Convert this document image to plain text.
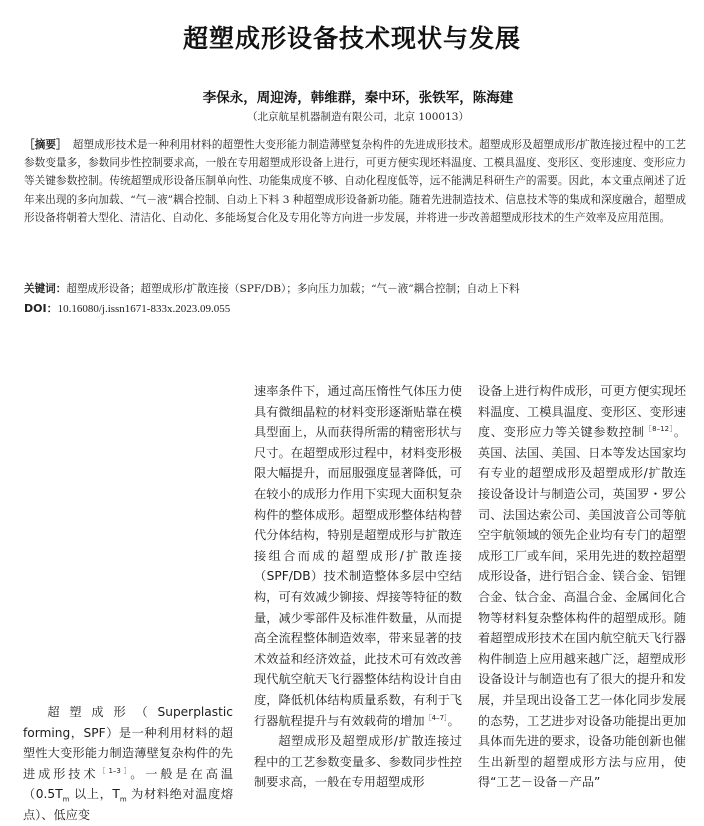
超塑成形设备技术现状与发展
李保永，周迎涛，韩维群，秦中环，张铁军，陈海建
（北京航星机器制造有限公司，北京 100013）
［摘要］ 超塑成形技术是一种利用材料的超塑性大变形能力制造薄壁复杂构件的先进成形技术。超塑成形及超塑成形/扩散连接过程中的工艺参数变量多，参数同步性控制要求高，一般在专用超塑成形设备上进行，可更方便实现坯料温度、工模具温度、变形区、变形速度、变形应力等关键参数控制。传统超塑成形设备压制单向性、功能集成度不够、自动化程度低等，远不能满足科研生产的需要。因此，本文重点阐述了近年来出现的多向加载、“气－液”耦合控制、自动上下料 3 种超塑成形设备新功能。随着先进制造技术、信息技术等的集成和深度融合，超塑成形设备将朝着大型化、清洁化、自动化、多能场复合化及专用化等方向进一步发展，并将进一步改善超塑成形技术的生产效率及应用范围。
关键词：超塑成形设备；超塑成形/扩散连接（SPF/DB）；多向压力加载；“气－液”耦合控制；自动上下料
DOI：10.16080/j.issn1671-833x.2023.09.055

超塑成形（Superplastic forming，SPF）是一种利用材料的超塑性大变形能力制造薄壁复杂构件的先进成形技术$^{[1-3]}$。一般是在高温（$0.5T_m$ 以上，$T_m$ 为材料绝对温度熔点）、低应变

速率条件下，通过高压惰性气体压力使具有微细晶粒的材料变形逐渐贴靠在模具型面上，从而获得所需的精密形状与尺寸。在超塑成形过程中，材料变形极限大幅提升，而屈服强度显著降低，可在较小的成形力作用下实现大面积复杂构件的整体成形。超塑成形整体结构替代分体结构，特别是超塑成形与扩散连接组合而成的超塑成形/扩散连接（SPF/DB）技术制造整体多层中空结构，可有效减少铆接、焊接等特征的数量，减少零部件及标准件数量，从而提高全流程整体制造效率，带来显著的技术效益和经济效益，此技术可有效改善现代航空航天飞行器整体结构设计自由度，降低机体结构质量系数，有利于飞行器航程提升与有效载荷的增加$^{[4-7]}$。

超塑成形及超塑成形/扩散连接过程中的工艺参数变量多、参数同步性控制要求高，一般在专用超塑成形

设备上进行构件成形，可更方便实现坯料温度、工模具温度、变形区、变形速度、变形应力等关键参数控制$^{[8-12]}$。英国、法国、美国、日本等发达国家均有专业的超塑成形及超塑成形/扩散连接设备设计与制造公司，英国罗・罗公司、法国达索公司、美国波音公司等航空宇航领域的领先企业均有专门的超塑成形工厂或车间，采用先进的数控超塑成形设备，进行铝合金、镁合金、铝锂合金、钛合金、高温合金、金属间化合物等材料复杂整体构件的超塑成形。随着超塑成形技术在国内航空航天飞行器构件制造上应用越来越广泛，超塑成形设备设计与制造也有了很大的提升和发展，并呈现出设备工艺一体化同步发展的态势，工艺进步对设备功能提出更加具体而先进的要求，设备功能创新也催生出新型的超塑成形方法与应用，使得“工艺－设备－产品”
